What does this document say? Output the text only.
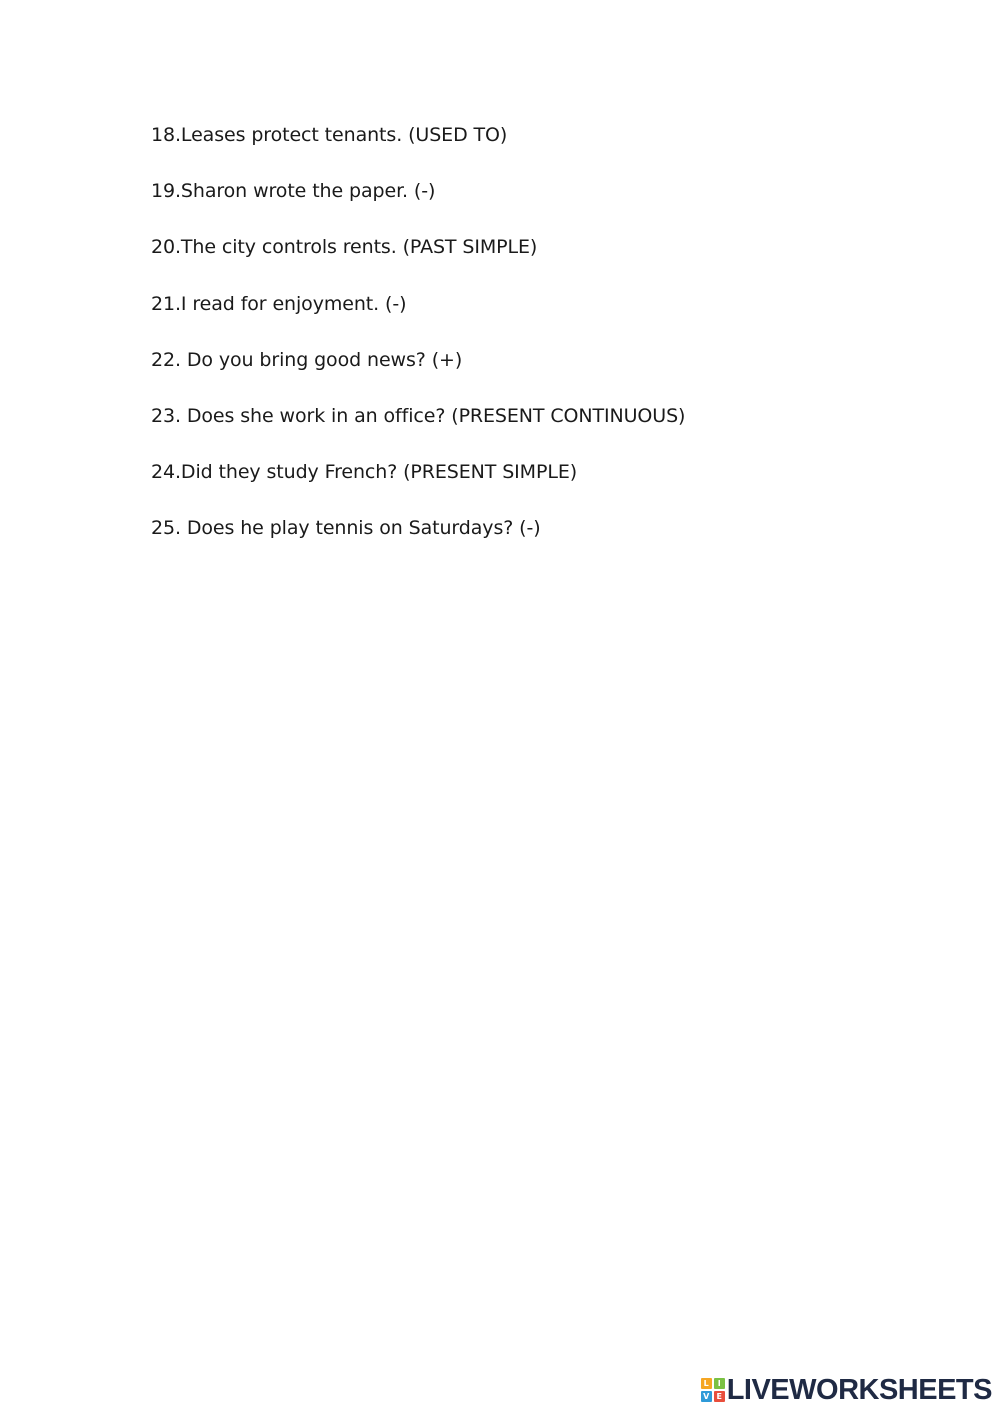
18.Leases protect tenants. (USED TO)
19.Sharon wrote the paper. (-)
20.The city controls rents. (PAST SIMPLE)
21.I read for enjoyment. (-)
22. Do you bring good news? (+)
23. Does she work in an office? (PRESENT CONTINUOUS)
24.Did they study French? (PRESENT SIMPLE)
25. Does he play tennis on Saturdays? (-)
L	I
V E LIVEWORKSHEETS
